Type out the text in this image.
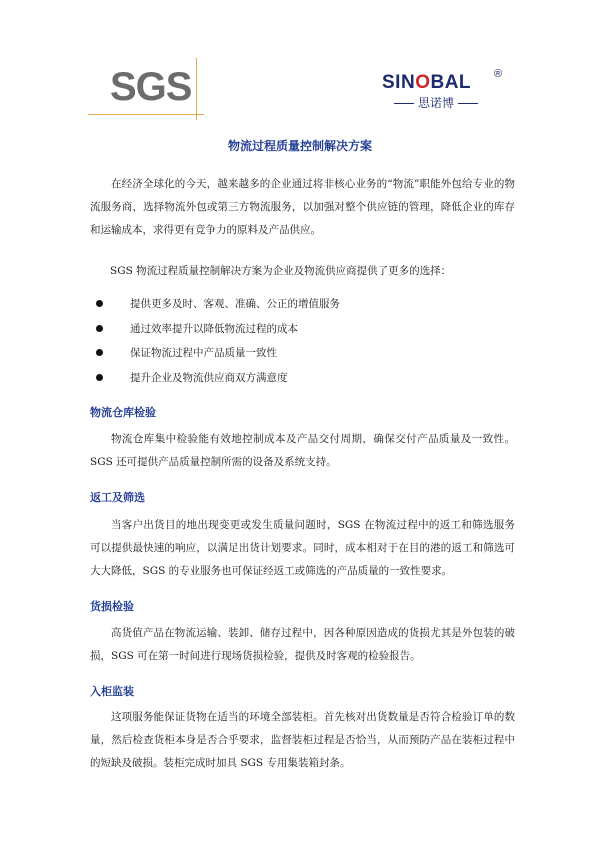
SGS	SINOBAL ®
思诺博
物流过程质量控制解决方案
在经济全球化的今天，越来越多的企业通过将非核心业务的“物流”职能外包给专业的物流服务商，选择物流外包或第三方物流服务，以加强对整个供应链的管理，降低企业的库存和运输成本，求得更有竞争力的原料及产品供应。
SGS 物流过程质量控制解决方案为企业及物流供应商提供了更多的选择：
提供更多及时、客观、准确、公正的增值服务
通过效率提升以降低物流过程的成本
保证物流过程中产品质量一致性
提升企业及物流供应商双方满意度
物流仓库检验
物流仓库集中检验能有效地控制成本及产品交付周期，确保交付产品质量及一致性。SGS 还可提供产品质量控制所需的设备及系统支持。
返工及筛选
当客户出货目的地出现变更或发生质量问题时，SGS 在物流过程中的返工和筛选服务可以提供最快速的响应，以满足出货计划要求。同时，成本相对于在目的港的返工和筛选可大大降低，SGS 的专业服务也可保证经返工或筛选的产品质量的一致性要求。
货损检验
高货值产品在物流运输、装卸、储存过程中，因各种原因造成的货损尤其是外包装的破损，SGS 可在第一时间进行现场货损检验，提供及时客观的检验报告。
入柜监装
这项服务能保证货物在适当的环境全部装柜。首先核对出货数量是否符合检验订单的数量，然后检查货柜本身是否合乎要求，监督装柜过程是否恰当，从而预防产品在装柜过程中的短缺及破损。装柜完成时加具 SGS 专用集装箱封条。
